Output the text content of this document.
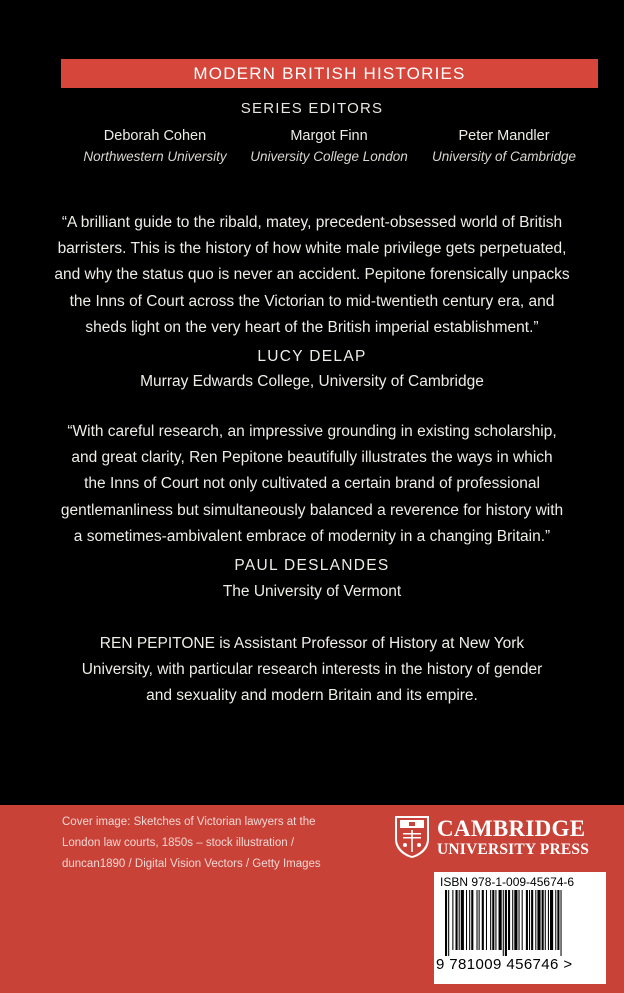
MODERN BRITISH HISTORIES
SERIES EDITORS
Deborah Cohen
Northwestern University
Margot Finn
University College London
Peter Mandler
University of Cambridge
“A brilliant guide to the ribald, matey, precedent-obsessed world of British
barristers. This is the history of how white male privilege gets perpetuated,
and why the status quo is never an accident. Pepitone forensically unpacks
the Inns of Court across the Victorian to mid-twentieth century era, and
sheds light on the very heart of the British imperial establishment.”
LUCY DELAP
Murray Edwards College, University of Cambridge
“With careful research, an impressive grounding in existing scholarship,
and great clarity, Ren Pepitone beautifully illustrates the ways in which
the Inns of Court not only cultivated a certain brand of professional
gentlemanliness but simultaneously balanced a reverence for history with
a sometimes-ambivalent embrace of modernity in a changing Britain.”
PAUL DESLANDES
The University of Vermont
REN PEPITONE is Assistant Professor of History at New York
University, with particular research interests in the history of gender
and sexuality and modern Britain and its empire.
Cover image: Sketches of Victorian lawyers at the
London law courts, 1850s – stock illustration /
duncan1890 / Digital Vision Vectors / Getty Images
CAMBRIDGE
UNIVERSITY PRESS
ISBN 978-1-009-45674-6
9 781009 456746 >
